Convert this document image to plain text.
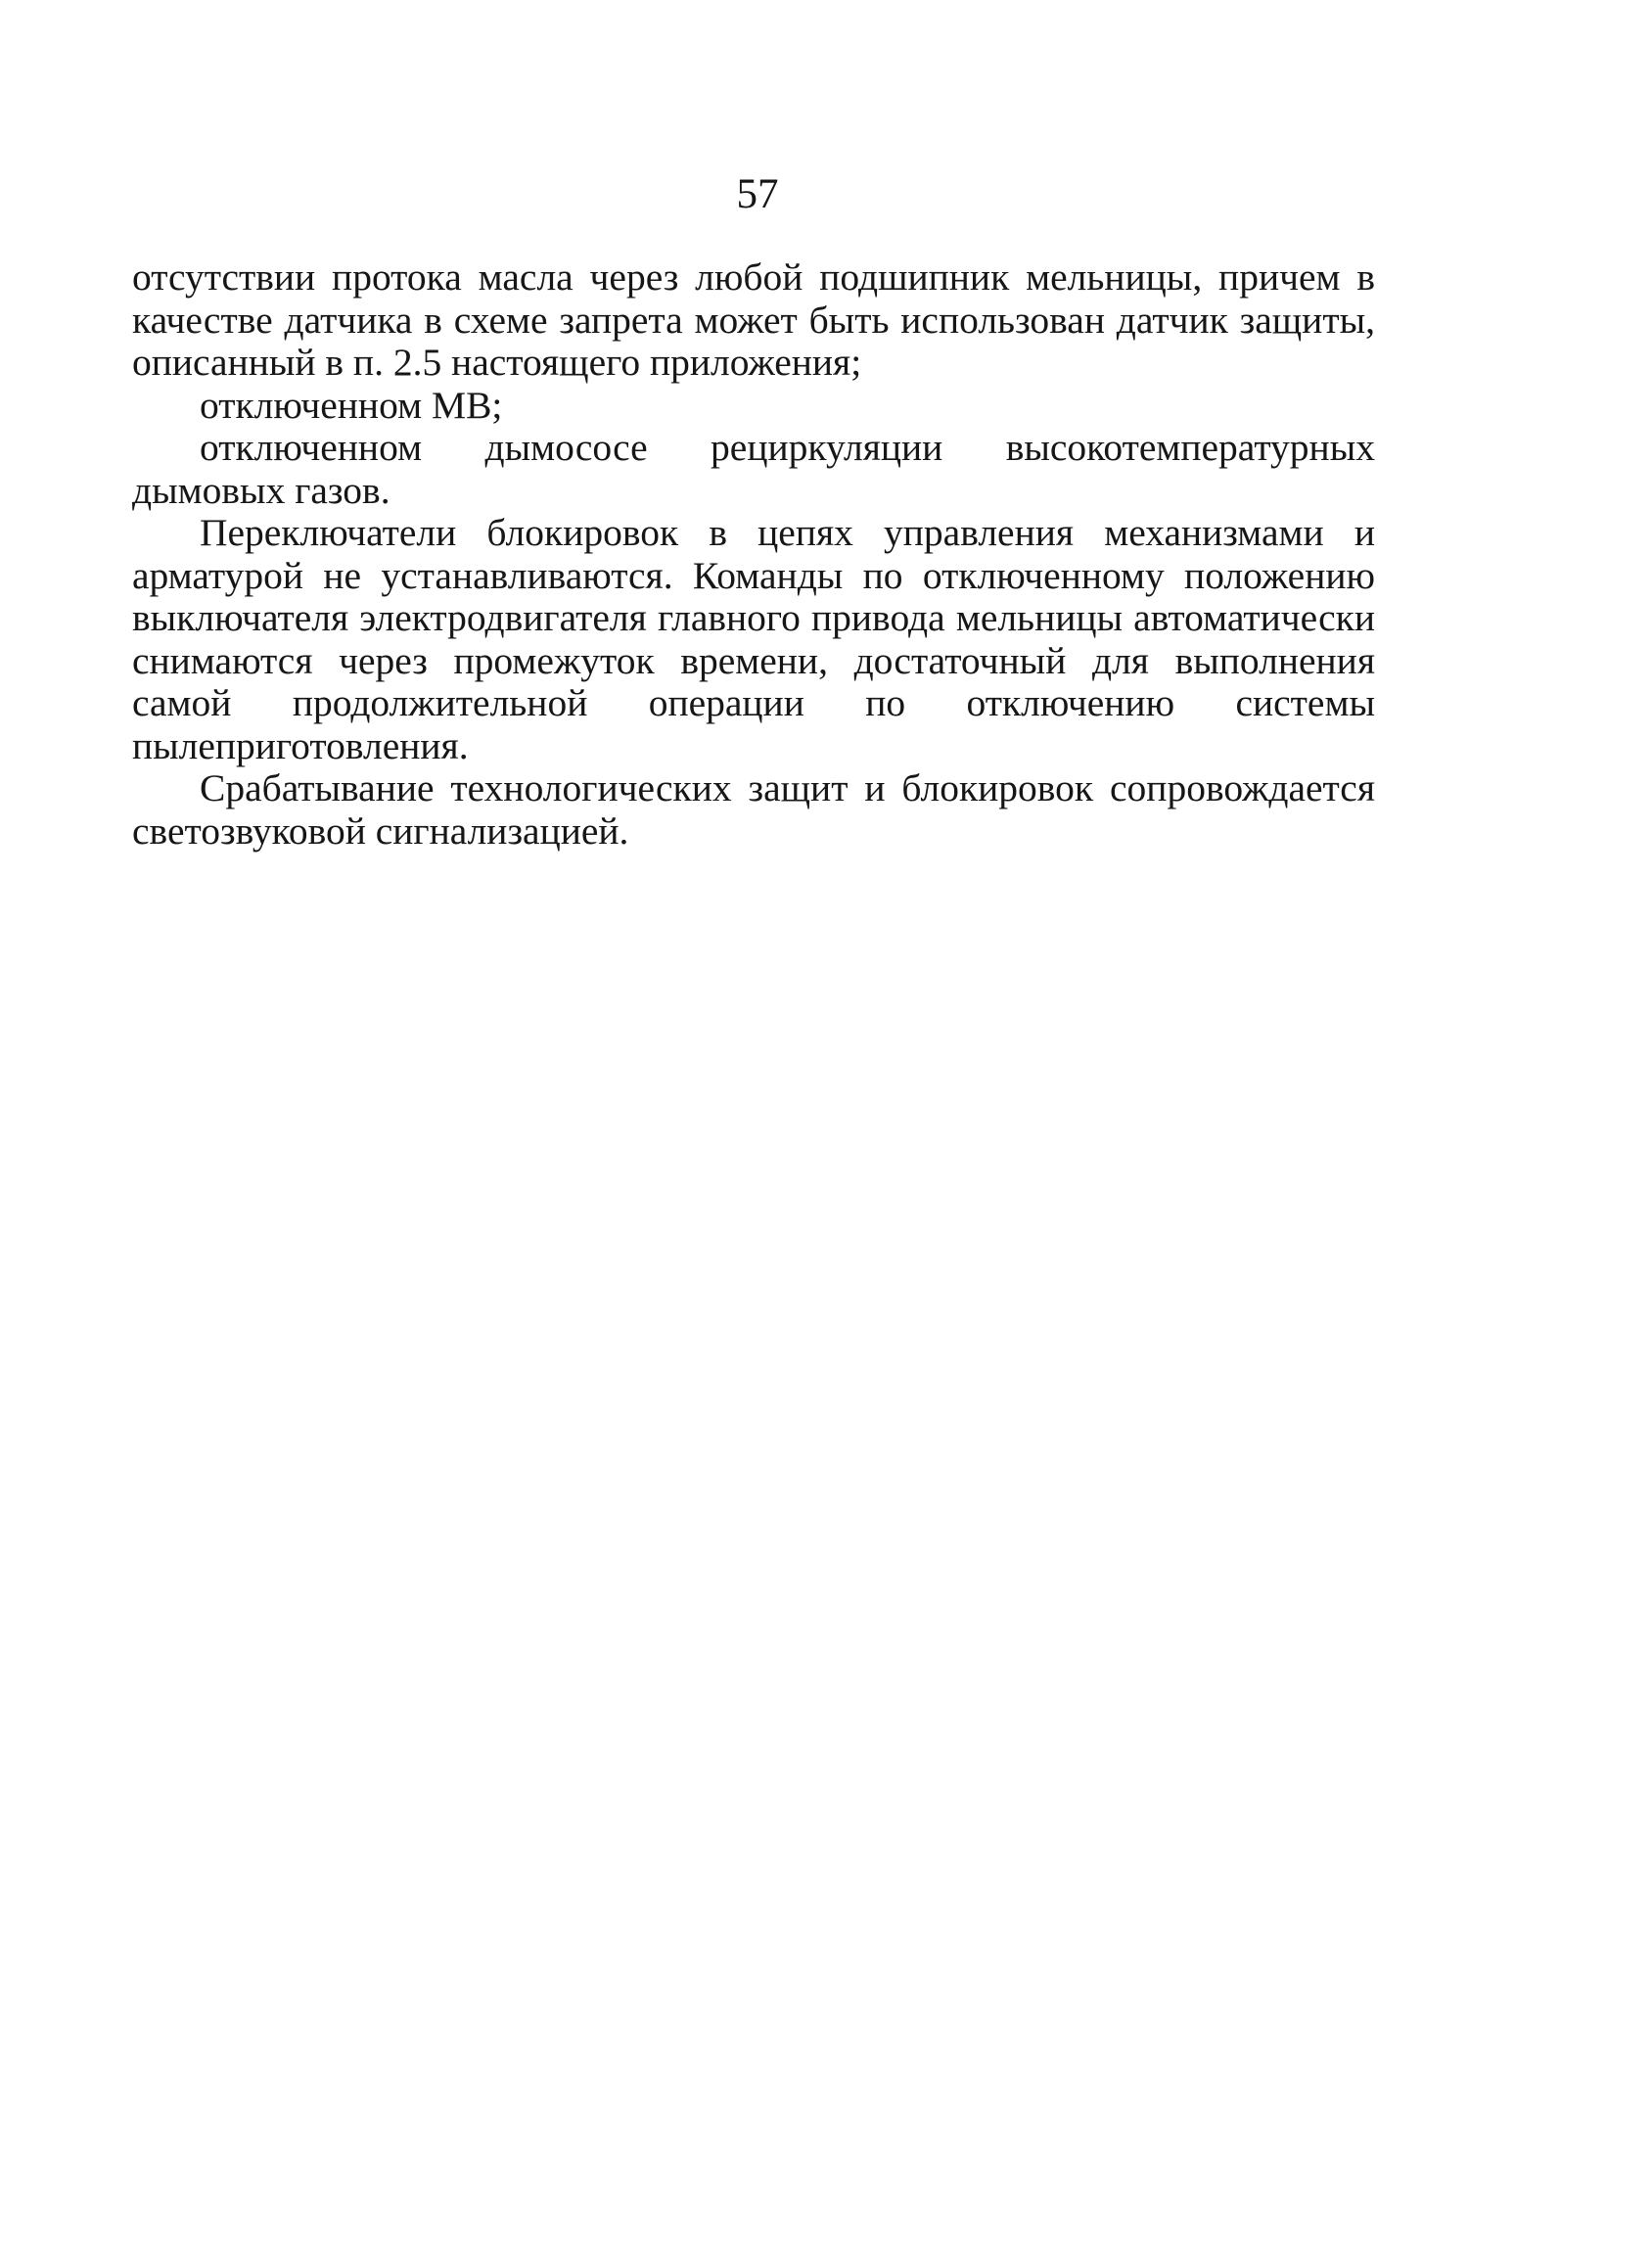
57

отсутствии протока масла через любой подшипник мельницы, причем в качестве датчика в схеме запрета может быть использован датчик защиты, описанный в п. 2.5 настоящего приложения;

отключенном МВ;

отключенном дымососе рециркуляции высокотемпературных дымовых газов.

Переключатели блокировок в цепях управления механизмами и арматурой не устанавливаются. Команды по отключенному положению выключателя электродвигателя главного привода мельницы автоматически снимаются через промежуток времени, достаточный для выполнения самой продолжительной операции по отключению системы пылеприготовления.

Срабатывание технологических защит и блокировок сопровождается светозвуковой сигнализацией.
